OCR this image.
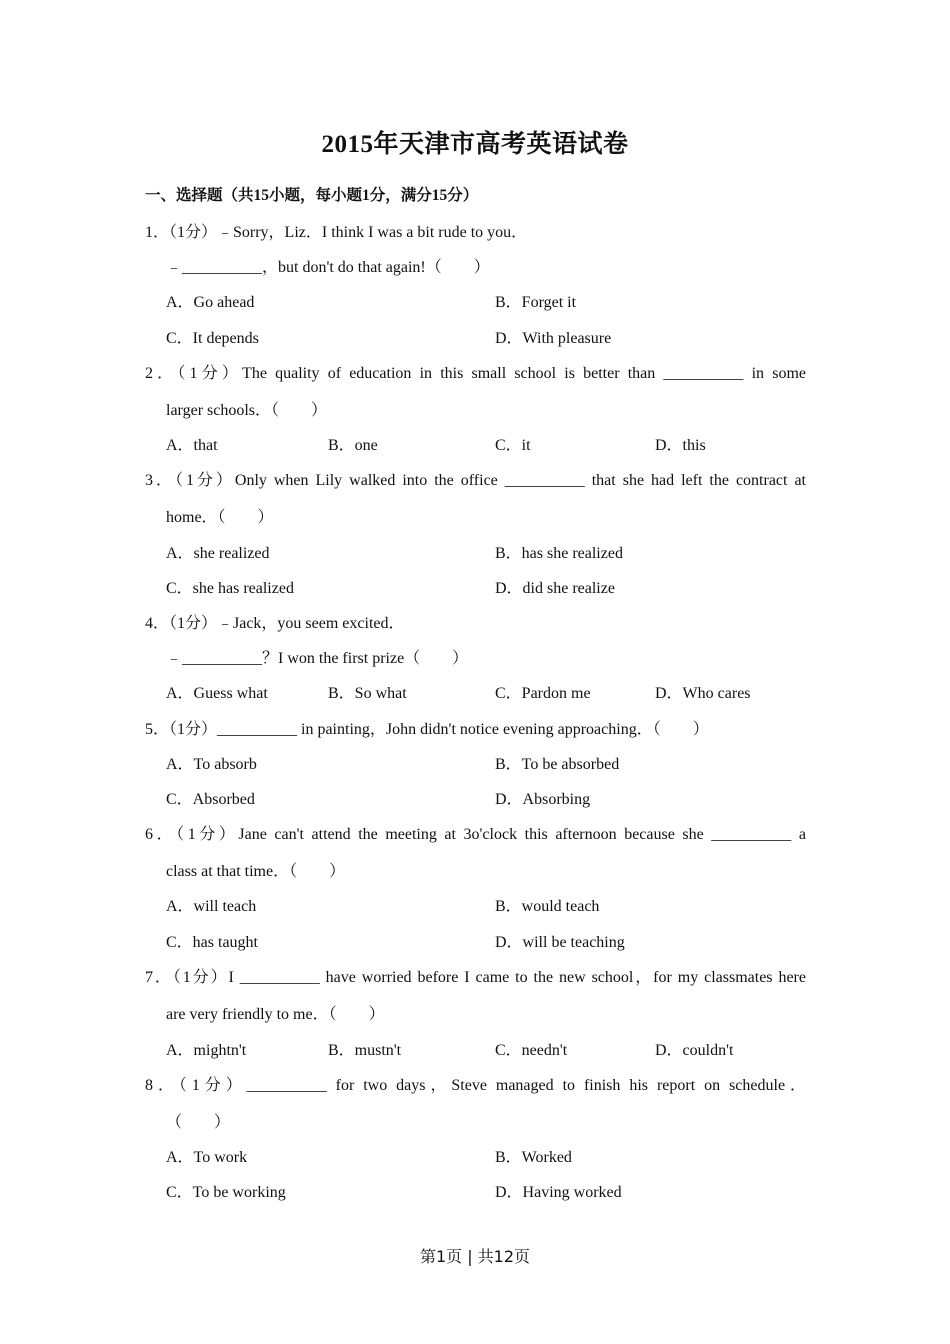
2015年天津市高考英语试卷
一、选择题（共15小题，每小题1分，满分15分）
1．（1分）﹣Sorry，Liz．I think I was a bit rude to you．
﹣__________，but don't do that again!（　　）
A．Go ahead	B．Forget it
C．It depends	D．With pleasure
2．（1分）The quality of education in this small school is better than __________ in some
larger schools．（　　）
A．that	B．one	C．it	D．this
3．（1分）Only when Lily walked into the office __________ that she had left the contract at
home．（　　）
A．she realized	B．has she realized
C．she has realized	D．did she realize
4．（1分）﹣Jack，you seem excited．
﹣__________？I won the first prize（　　）
A．Guess what	B．So what	C．Pardon me	D．Who cares
5．（1分）__________ in painting，John didn't notice evening approaching．（　　）
A．To absorb	B．To be absorbed
C．Absorbed	D．Absorbing
6．（1分）Jane can't attend the meeting at 3o'clock this afternoon because she __________ a
class at that time．（　　）
A．will teach	B．would teach
C．has taught	D．will be teaching
7．（1分）I __________ have worried before I came to the new school，for my classmates here
are very friendly to me．（　　）
A．mightn't	B．mustn't	C．needn't	D．couldn't
8．（1分）__________ for two days，Steve managed to finish his report on schedule．
（　　）
A．To work	B．Worked
C．To be working	D．Having worked
第1页 | 共12页
